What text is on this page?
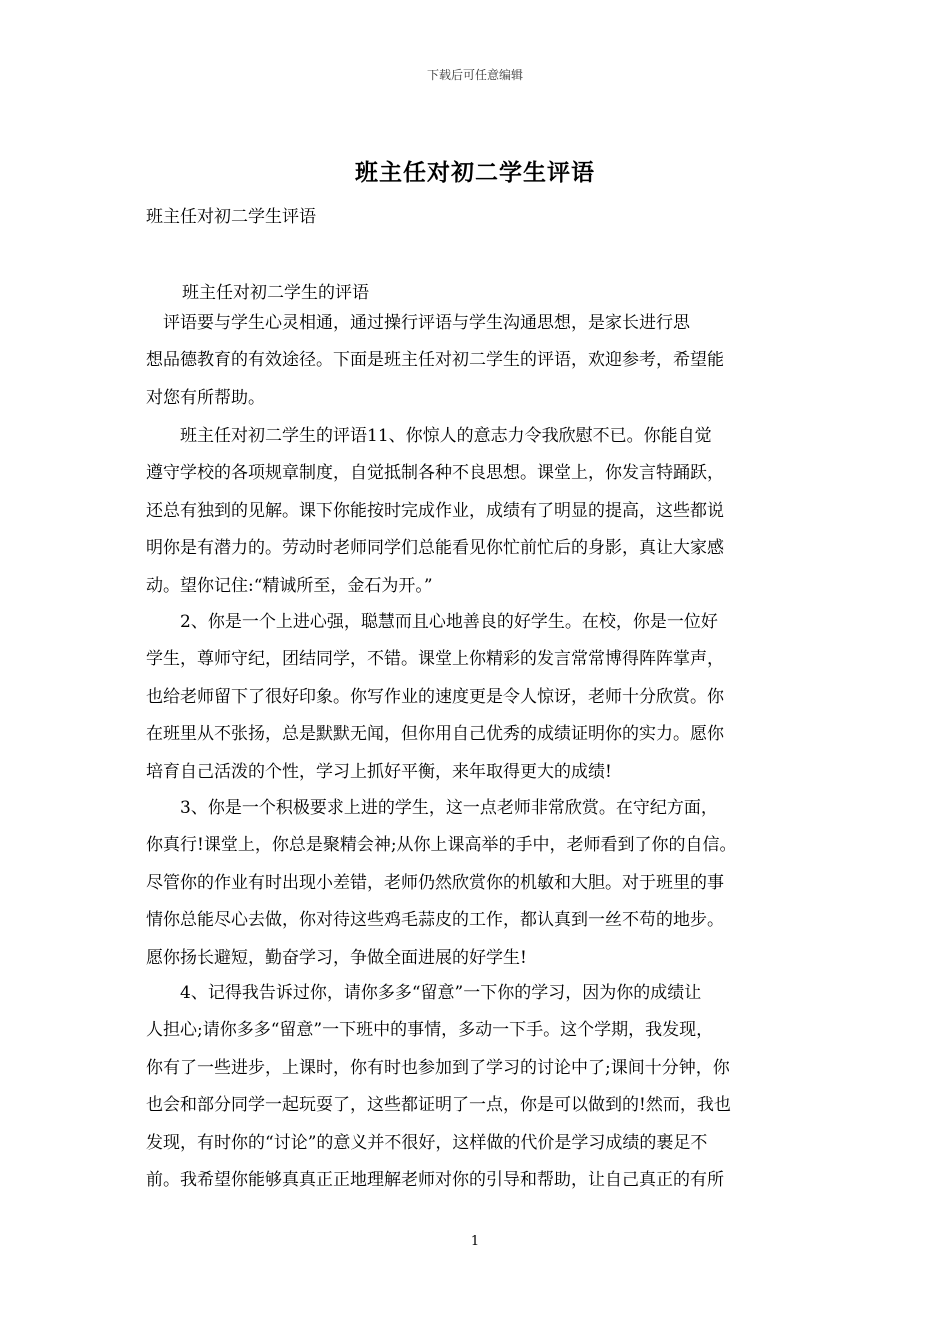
下载后可任意编辑
班主任对初二学生评语
班主任对初二学生评语
班主任对初二学生的评语
　评语要与学生心灵相通，通过操行评语与学生沟通思想，是家长进行思
想品德教育的有效途径。下面是班主任对初二学生的评语，欢迎参考，希望能
对您有所帮助。
　　班主任对初二学生的评语11、你惊人的意志力令我欣慰不已。你能自觉
遵守学校的各项规章制度，自觉抵制各种不良思想。课堂上，你发言特踊跃，
还总有独到的见解。课下你能按时完成作业，成绩有了明显的提高，这些都说
明你是有潜力的。劳动时老师同学们总能看见你忙前忙后的身影，真让大家感
动。望你记住:“精诚所至，金石为开。”
　　2、你是一个上进心强，聪慧而且心地善良的好学生。在校，你是一位好
学生，尊师守纪，团结同学，不错。课堂上你精彩的发言常常博得阵阵掌声，
也给老师留下了很好印象。你写作业的速度更是令人惊讶，老师十分欣赏。你
在班里从不张扬，总是默默无闻，但你用自己优秀的成绩证明你的实力。愿你
培育自己活泼的个性，学习上抓好平衡，来年取得更大的成绩!
　　3、你是一个积极要求上进的学生，这一点老师非常欣赏。在守纪方面，
你真行!课堂上，你总是聚精会神;从你上课高举的手中，老师看到了你的自信。
尽管你的作业有时出现小差错，老师仍然欣赏你的机敏和大胆。对于班里的事
情你总能尽心去做，你对待这些鸡毛蒜皮的工作，都认真到一丝不苟的地步。
愿你扬长避短，勤奋学习，争做全面进展的好学生!
　　4、记得我告诉过你，请你多多“留意”一下你的学习，因为你的成绩让
人担心;请你多多“留意”一下班中的事情，多动一下手。这个学期，我发现，
你有了一些进步，上课时，你有时也参加到了学习的讨论中了;课间十分钟，你
也会和部分同学一起玩耍了，这些都证明了一点，你是可以做到的!然而，我也
发现，有时你的“讨论”的意义并不很好，这样做的代价是学习成绩的裹足不
前。我希望你能够真真正正地理解老师对你的引导和帮助，让自己真正的有所
1
